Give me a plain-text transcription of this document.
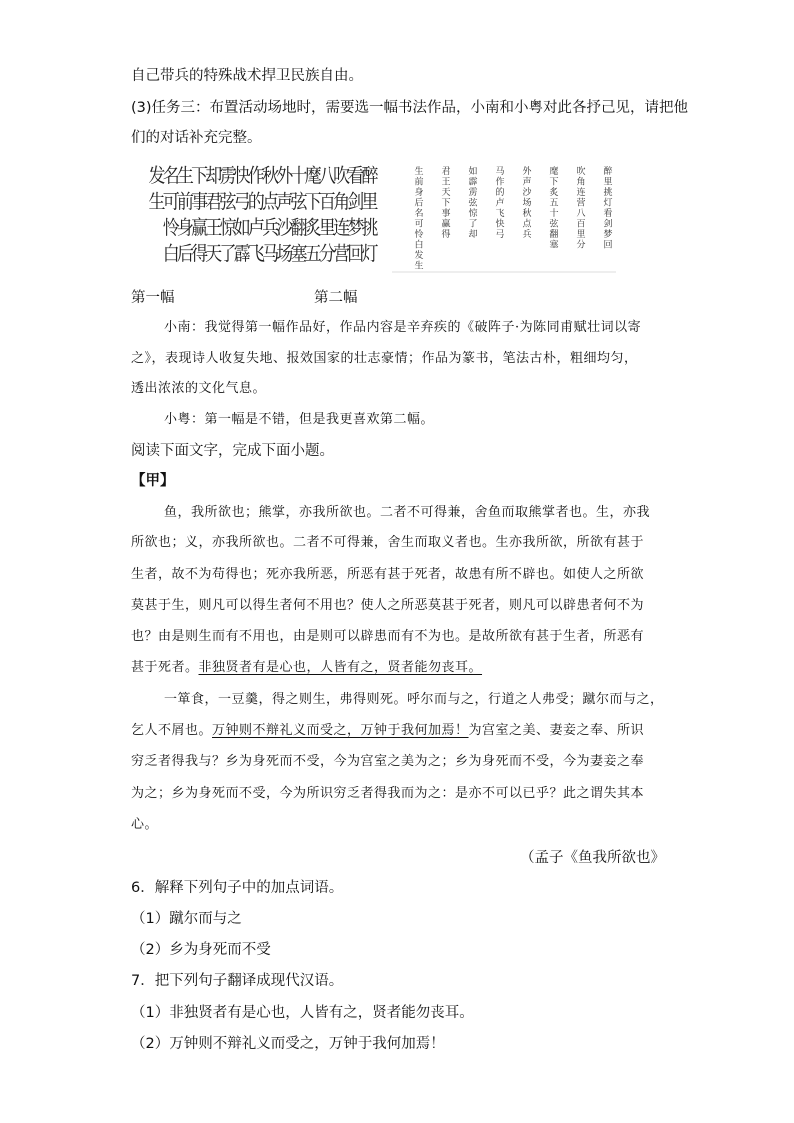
自己带兵的特殊战术捍卫民族自由。
(3)任务三：布置活动场地时，需要选一幅书法作品，小南和小粤对此各抒己见，请把他
们的对话补充完整。
醉
里
挑
灯
看
剑
梦
回
吹
角
连
营
八
百
里
分
麾
下
炙
五
十
弦
翻
塞
外
声
沙
场
秋
点
兵
马
作
的
卢
飞
快
弓
如
霹
雳
弦
惊
了
却
君
王
天
下
事
赢
得
生
前
身
后
名
可
怜
白
发
生
醉
里
挑
灯
看
剑
梦
回
吹
角
连
营
八
百
里
分
麾
下
炙
五
十
弦
翻
塞
外
声
沙
场
秋
点
兵
马
作
的
卢
飞
快
弓
如
霹
雳
弦
惊
了
却
君
王
天
下
事
赢
得
生
前
身
后
名
可
怜
白
发
生
第一幅	第二幅
小南：我觉得第一幅作品好，作品内容是辛弃疾的《破阵子·为陈同甫赋壮词以寄
之》，表现诗人收复失地、报效国家的壮志豪情；作品为篆书，笔法古朴，粗细均匀，
透出浓浓的文化气息。
小粤：第一幅是不错，但是我更喜欢第二幅。
阅读下面文字，完成下面小题。
【甲】
鱼，我所欲也；熊掌，亦我所欲也。二者不可得兼，舍鱼而取熊掌者也。生，亦我
所欲也；义，亦我所欲也。二者不可得兼，舍生而取义者也。生亦我所欲，所欲有甚于
生者，故不为苟得也；死亦我所恶，所恶有甚于死者，故患有所不辟也。如使人之所欲
莫甚于生，则凡可以得生者何不用也？使人之所恶莫甚于死者，则凡可以辟患者何不为
也？由是则生而有不用也，由是则可以辟患而有不为也。是故所欲有甚于生者，所恶有
甚于死者。非独贤者有是心也，人皆有之，贤者能勿丧耳。
一箪食，一豆羹，得之则生，弗得则死。呼尔而与之，行道之人弗受；蹴尔而与之，
乞人不屑也。万钟则不辩礼义而受之，万钟于我何加焉！为宫室之美、妻妾之奉、所识
穷乏者得我与？乡为身死而不受，今为宫室之美为之；乡为身死而不受，今为妻妾之奉
为之；乡为身死而不受，今为所识穷乏者得我而为之：是亦不可以已乎？此之谓失其本
心。
（孟子《鱼我所欲也》
6．解释下列句子中的加点词语。
（1）蹴尔而与之
（2）乡为身死而不受
7．把下列句子翻译成现代汉语。
（1）非独贤者有是心也，人皆有之，贤者能勿丧耳。
（2）万钟则不辩礼义而受之，万钟于我何加焉！
